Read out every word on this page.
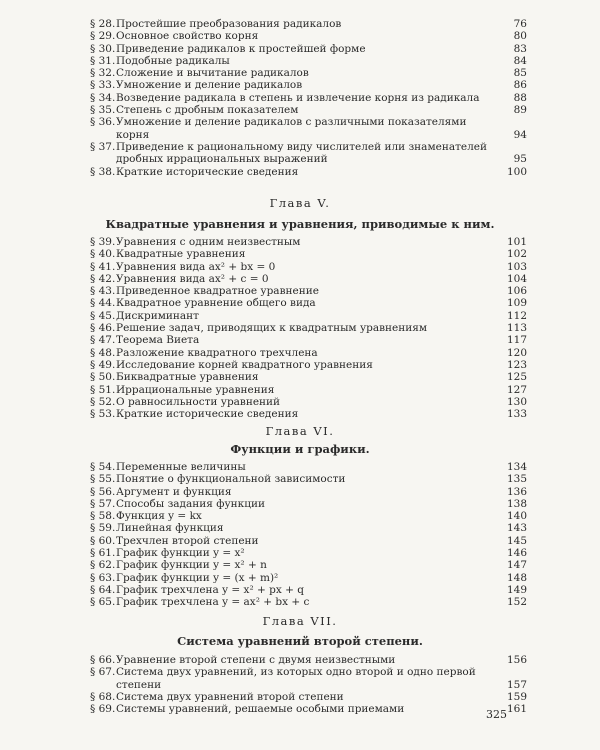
§ 28.Простейшие преобразования радикалов	76
§ 29.Основное свойство корня	80
§ 30.Приведение радикалов к простейшей форме	83
§ 31.Подобные радикалы	84
§ 32.Сложение и вычитание радикалов	85
§ 33.Умножение и деление радикалов	86
§ 34.Возведение радикала в степень и извлечение корня из радикала	88
§ 35.Степень с дробным показателем	89
§ 36.Умножение и деление радикалов с различными показателями корня	94
§ 37.Приведение к рациональному виду числителей или знаменателей дробных иррациональных выражений	95
§ 38.Краткие исторические сведения	100
Глава V.
Квадратные уравнения и уравнения, приводимые к ним.
§ 39.Уравнения с одним неизвестным	101
§ 40.Квадратные уравнения	102
§ 41.Уравнения вида ax² + bx = 0	103
§ 42.Уравнения вида ax² + c = 0	104
§ 43.Приведенное квадратное уравнение	106
§ 44.Квадратное уравнение общего вида	109
§ 45.Дискриминант	112
§ 46.Решение задач, приводящих к квадратным уравнениям	113
§ 47.Теорема Виета	117
§ 48.Разложение квадратного трехчлена	120
§ 49.Исследование корней квадратного уравнения	123
§ 50.Биквадратные уравнения	125
§ 51.Иррациональные уравнения	127
§ 52.О равносильности уравнений	130
§ 53.Краткие исторические сведения	133
Глава VI.
Функции и графики.
§ 54.Переменные величины	134
§ 55.Понятие о функциональной зависимости	135
§ 56.Аргумент и функция	136
§ 57.Способы задания функции	138
§ 58.Функция y = kx	140
§ 59.Линейная функция	143
§ 60.Трехчлен второй степени	145
§ 61.График функции y = x²	146
§ 62.График функции y = x² + n	147
§ 63.График функции y = (x + m)²	148
§ 64.График трехчлена y = x² + px + q	149
§ 65.График трехчлена y = ax² + bx + c	152
Глава VII.
Система уравнений второй степени.
§ 66.Уравнение второй степени с двумя неизвестными	156
§ 67.Система двух уравнений, из которых одно второй и одно первой степени	157
§ 68.Система двух уравнений второй степени	159
§ 69.Системы уравнений, решаемые особыми приемами	161
325
